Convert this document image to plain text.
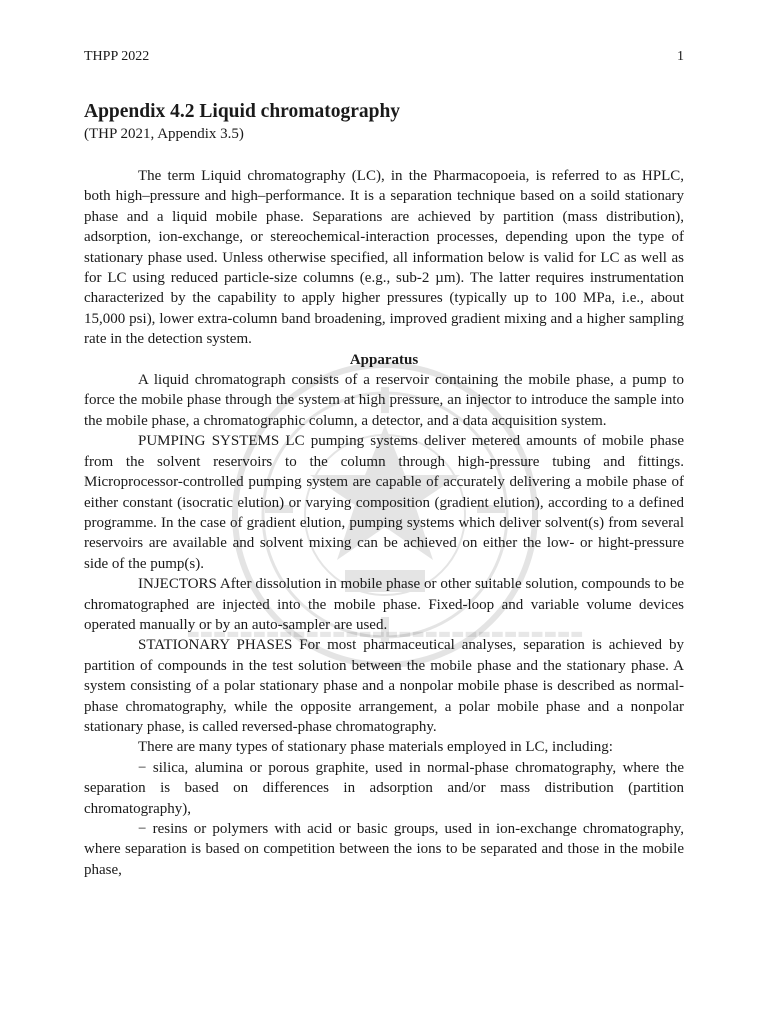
▬▬▬▬▬▬▬▬▬▬▬▬▬▬▬▬▬▬▬▬▬▬▬▬▬▬▬▬▬▬
THPP 2022	1
Appendix 4.2 Liquid chromatography
(THP 2021, Appendix 3.5)

The term Liquid chromatography (LC), in the Pharmacopoeia, is referred to as HPLC, both high–pressure and high–performance. It is a separation technique based on a soild stationary phase and a liquid mobile phase. Separations are achieved by partition (mass distribution), adsorption, ion-exchange, or stereochemical-interaction processes, depending upon the type of stationary phase used. Unless otherwise specified, all information below is valid for LC as well as for LC using reduced particle-size columns (e.g., sub-2 µm). The latter requires instrumentation characterized by the capability to apply higher pressures (typically up to 100 MPa, i.e., about 15,000 psi), lower extra-column band broadening, improved gradient mixing and a higher sampling rate in the detection system.

Apparatus

A liquid chromatograph consists of a reservoir containing the mobile phase, a pump to force the mobile phase through the system at high pressure, an injector to introduce the sample into the mobile phase, a chromatographic column, a detector, and a data acquisition system.

PUMPING SYSTEMS LC pumping systems deliver metered amounts of mobile phase from the solvent reservoirs to the column through high-pressure tubing and fittings. Microprocessor-controlled pumping system are capable of accurately delivering a mobile phase of either constant (isocratic elution) or varying composition (gradient elution), according to a defined programme. In the case of gradient elution, pumping systems which deliver solvent(s) from several reservoirs are available and solvent mixing can be achieved on either the low- or hight-pressure side of the pump(s).

INJECTORS After dissolution in mobile phase or other suitable solution, compounds to be chromatographed are injected into the mobile phase. Fixed-loop and variable volume devices operated manually or by an auto-sampler are used.

STATIONARY PHASES For most pharmaceutical analyses, separation is achieved by partition of compounds in the test solution between the mobile phase and the stationary phase. A system consisting of a polar stationary phase and a nonpolar mobile phase is described as normal-phase chromatography, while the opposite arrangement, a polar mobile phase and a nonpolar stationary phase, is called reversed-phase chromatography.

There are many types of stationary phase materials employed in LC, including:

− silica, alumina or porous graphite, used in normal-phase chromatography, where the separation is based on differences in adsorption and/or mass distribution (partition chromatography),

− resins or polymers with acid or basic groups, used in ion-exchange chromatography, where separation is based on competition between the ions to be separated and those in the mobile phase,
